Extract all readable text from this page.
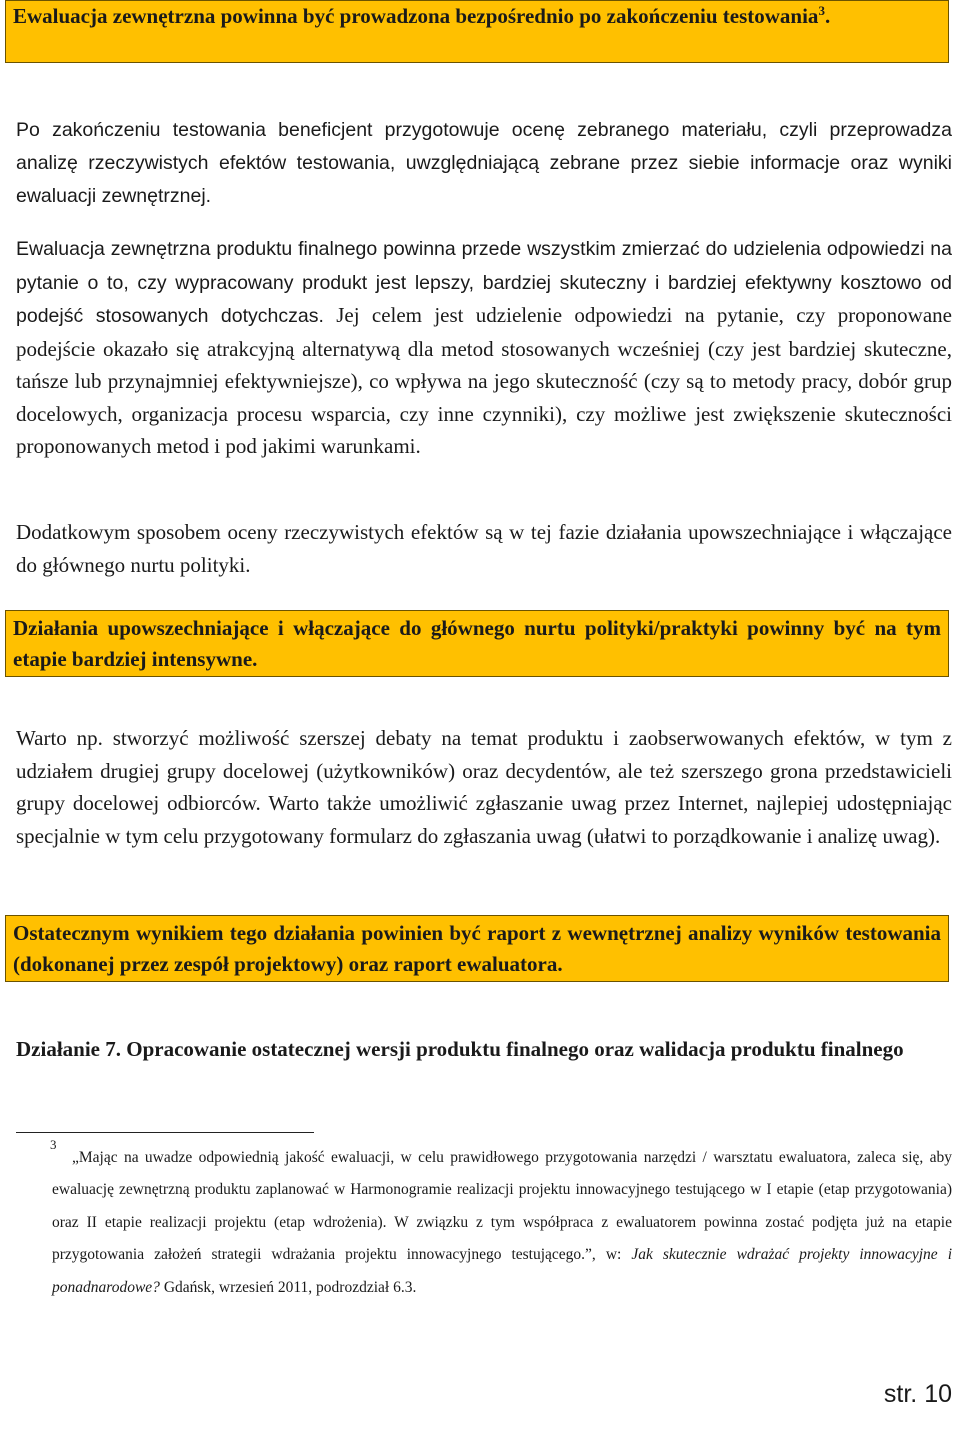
Ewaluacja zewnętrzna powinna być prowadzona bezpośrednio po zakończeniu testowania$^3$.

Po zakończeniu testowania beneficjent przygotowuje ocenę zebranego materiału, czyli przeprowadza analizę rzeczywistych efektów testowania, uwzględniającą zebrane przez siebie informacje oraz wyniki ewaluacji zewnętrznej.

Ewaluacja zewnętrzna produktu finalnego powinna przede wszystkim zmierzać do udzielenia odpowiedzi na pytanie o to, czy wypracowany produkt jest lepszy, bardziej skuteczny i bardziej efektywny kosztowo od podejść stosowanych dotychczas. Jej celem jest udzielenie odpowiedzi na pytanie, czy proponowane podejście okazało się atrakcyjną alternatywą dla metod stosowanych wcześniej (czy jest bardziej skuteczne, tańsze lub przynajmniej efektywniejsze), co wpływa na jego skuteczność (czy są to metody pracy, dobór grup docelowych, organizacja procesu wsparcia, czy inne czynniki), czy możliwe jest zwiększenie skuteczności proponowanych metod i pod jakimi warunkami.

Dodatkowym sposobem oceny rzeczywistych efektów są w tej fazie działania upowszechniające i włączające do głównego nurtu polityki.

Działania upowszechniające i włączające do głównego nurtu polityki/praktyki powinny być na tym etapie bardziej intensywne.

Warto np. stworzyć możliwość szerszej debaty na temat produktu i zaobserwowanych efektów, w tym z udziałem drugiej grupy docelowej (użytkowników) oraz decydentów, ale też szerszego grona przedstawicieli grupy docelowej odbiorców. Warto także umożliwić zgłaszanie uwag przez Internet, najlepiej udostępniając specjalnie w tym celu przygotowany formularz do zgłaszania uwag (ułatwi to porządkowanie i analizę uwag).

Ostatecznym wynikiem tego działania powinien być raport z wewnętrznej analizy wyników testowania (dokonanej przez zespół projektowy) oraz raport ewaluatora.

Działanie 7. Opracowanie ostatecznej wersji produktu finalnego oraz walidacja produktu finalnego

3
„Mając na uwadze odpowiednią jakość ewaluacji, w celu prawidłowego przygotowania narzędzi / warsztatu ewaluatora, zaleca się, aby ewaluację zewnętrzną produktu zaplanować w Harmonogramie realizacji projektu innowacyjnego testującego w I etapie (etap przygotowania) oraz II etapie realizacji projektu (etap wdrożenia). W związku z tym współpraca z ewaluatorem powinna zostać podjęta już na etapie przygotowania założeń strategii wdrażania projektu innowacyjnego testującego.”, w: Jak skutecznie wdrażać projekty innowacyjne i ponadnarodowe? Gdańsk, wrzesień 2011, podrozdział 6.3.
str. 10
